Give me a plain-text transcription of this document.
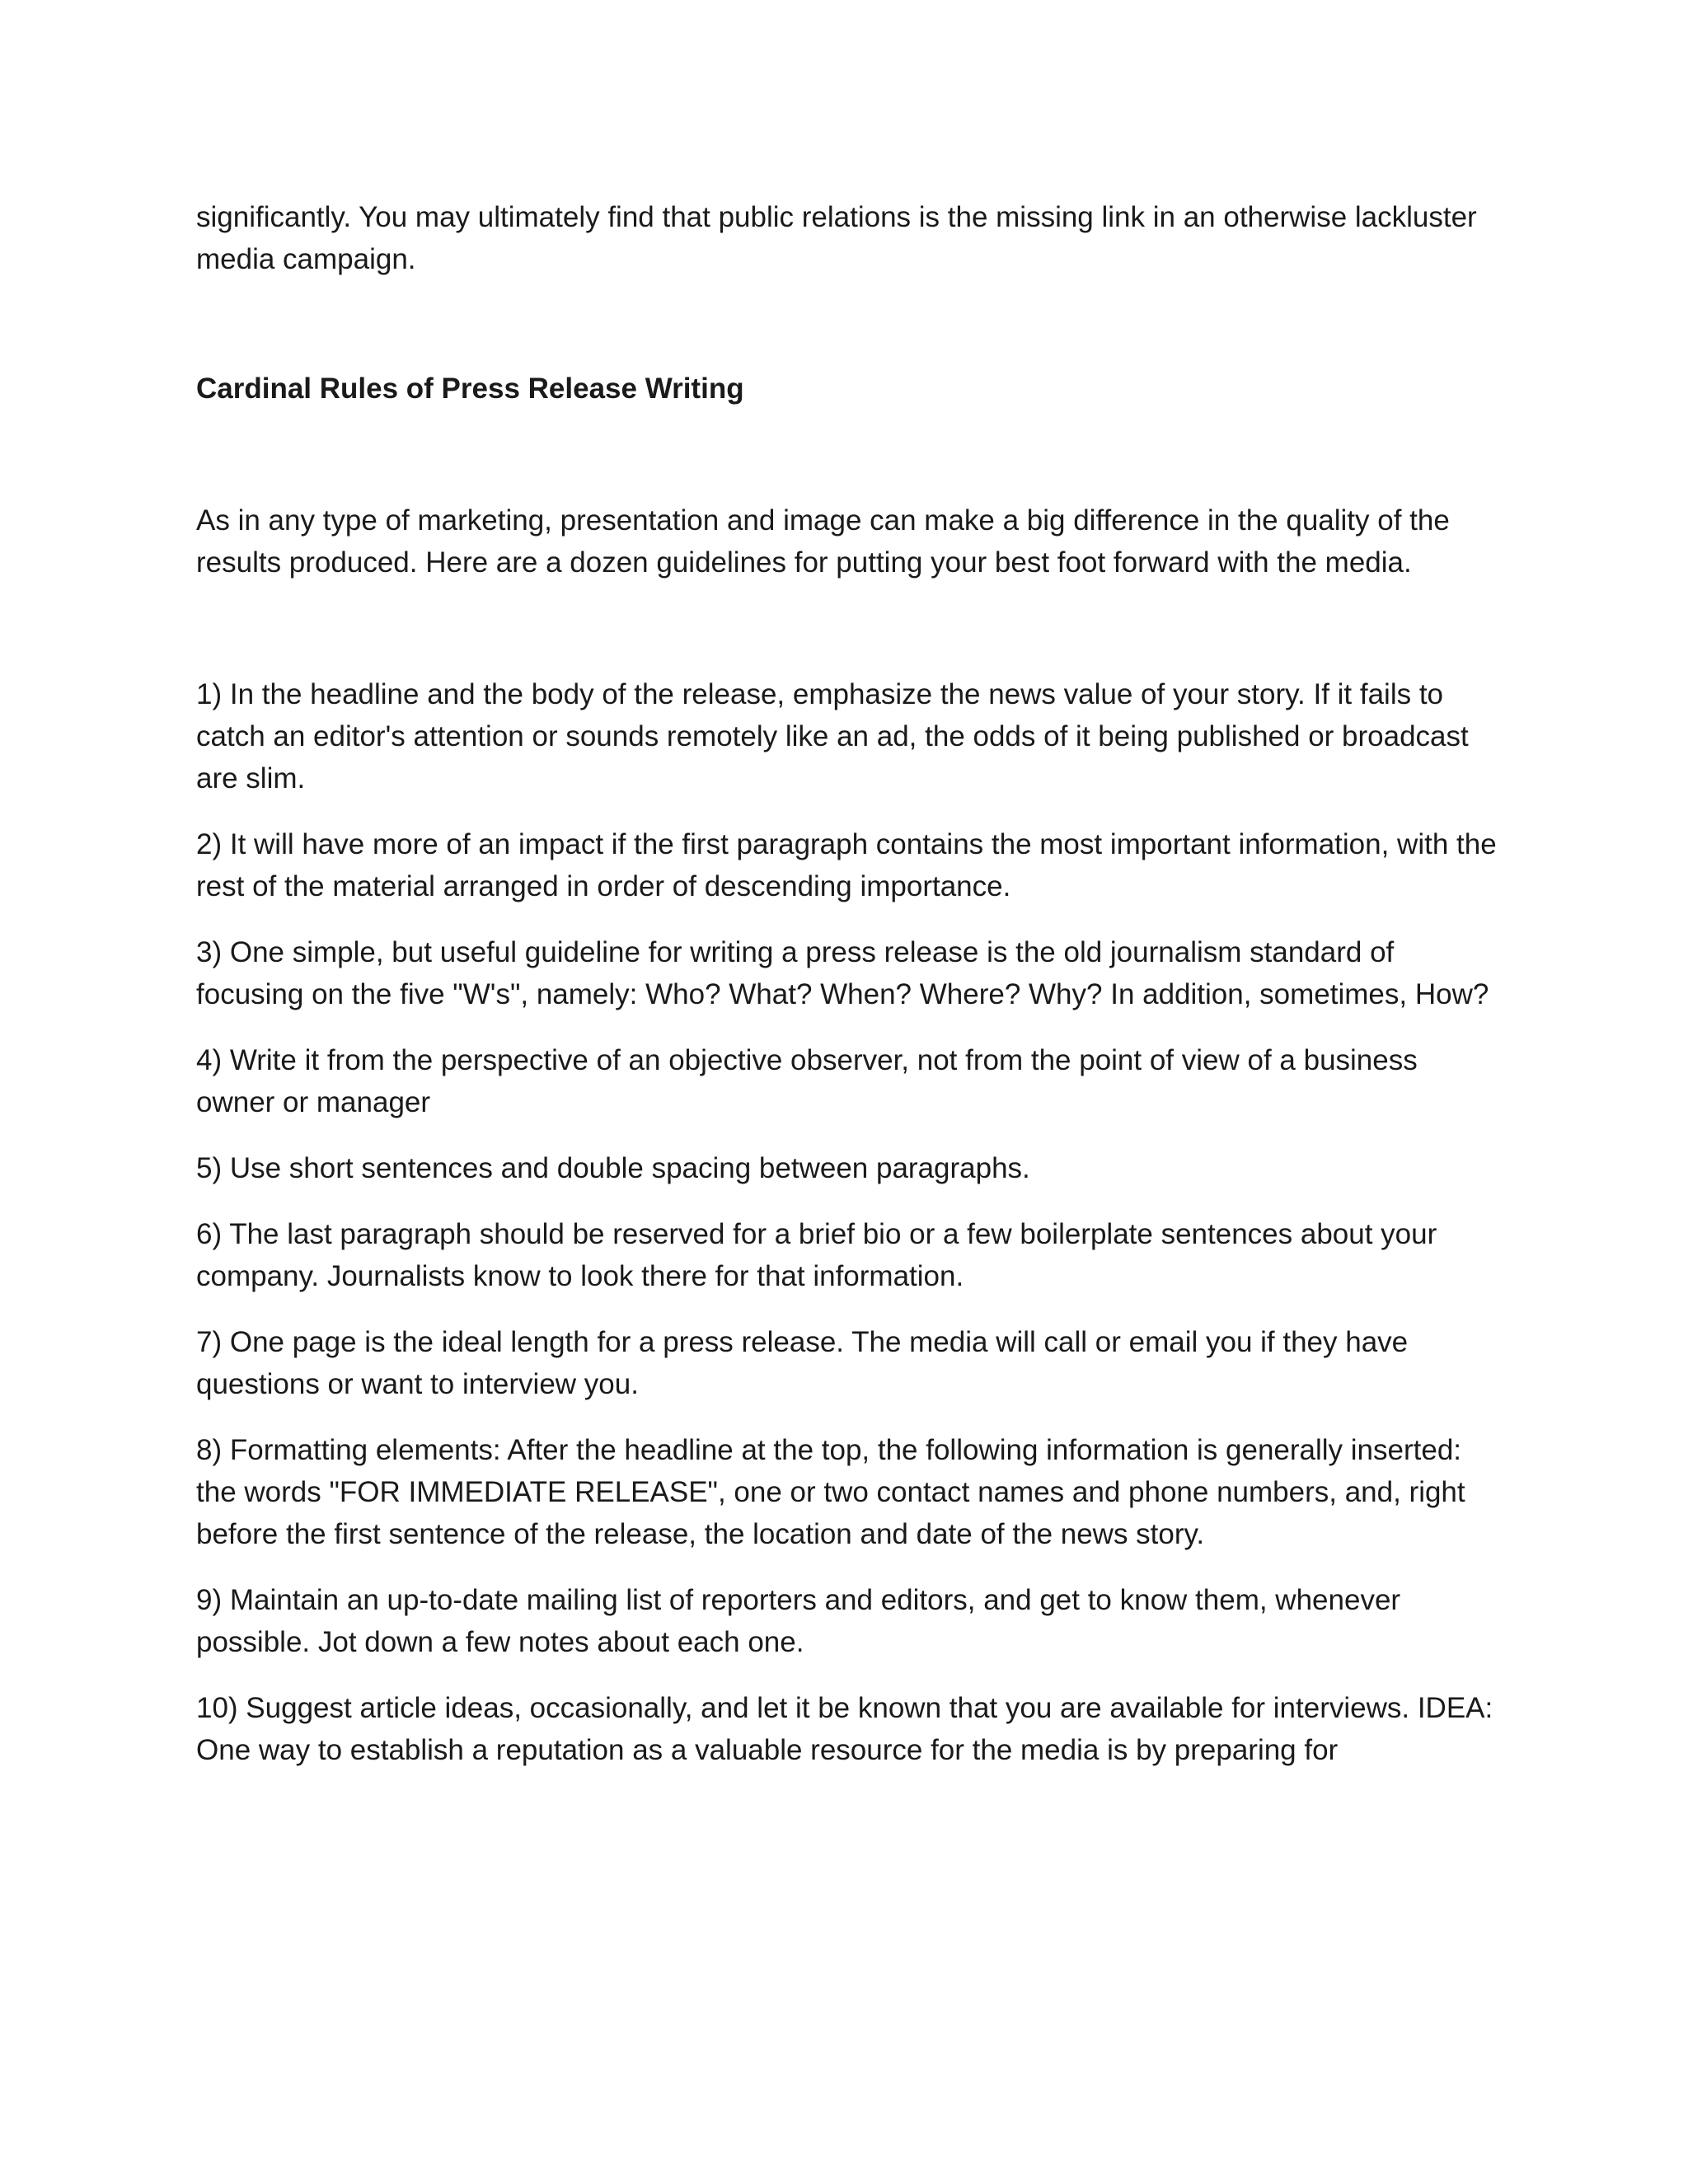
significantly. You may ultimately find that public relations is the missing link in an otherwise lackluster media campaign.

Cardinal Rules of Press Release Writing

As in any type of marketing, presentation and image can make a big difference in the quality of the results produced. Here are a dozen guidelines for putting your best foot forward with the media.

1) In the headline and the body of the release, emphasize the news value of your story. If it fails to catch an editor's attention or sounds remotely like an ad, the odds of it being published or broadcast are slim.

2) It will have more of an impact if the first paragraph contains the most important information, with the rest of the material arranged in order of descending importance.

3) One simple, but useful guideline for writing a press release is the old journalism standard of focusing on the five "W's", namely: Who? What? When? Where? Why? In addition, sometimes, How?

4) Write it from the perspective of an objective observer, not from the point of view of a business owner or manager

5) Use short sentences and double spacing between paragraphs.

6) The last paragraph should be reserved for a brief bio or a few boilerplate sentences about your company. Journalists know to look there for that information.

7) One page is the ideal length for a press release. The media will call or email you if they have questions or want to interview you.

8) Formatting elements: After the headline at the top, the following information is generally inserted: the words "FOR IMMEDIATE RELEASE", one or two contact names and phone numbers, and, right before the first sentence of the release, the location and date of the news story.

9) Maintain an up-to-date mailing list of reporters and editors, and get to know them, whenever possible. Jot down a few notes about each one.

10) Suggest article ideas, occasionally, and let it be known that you are available for interviews. IDEA: One way to establish a reputation as a valuable resource for the media is by preparing for
